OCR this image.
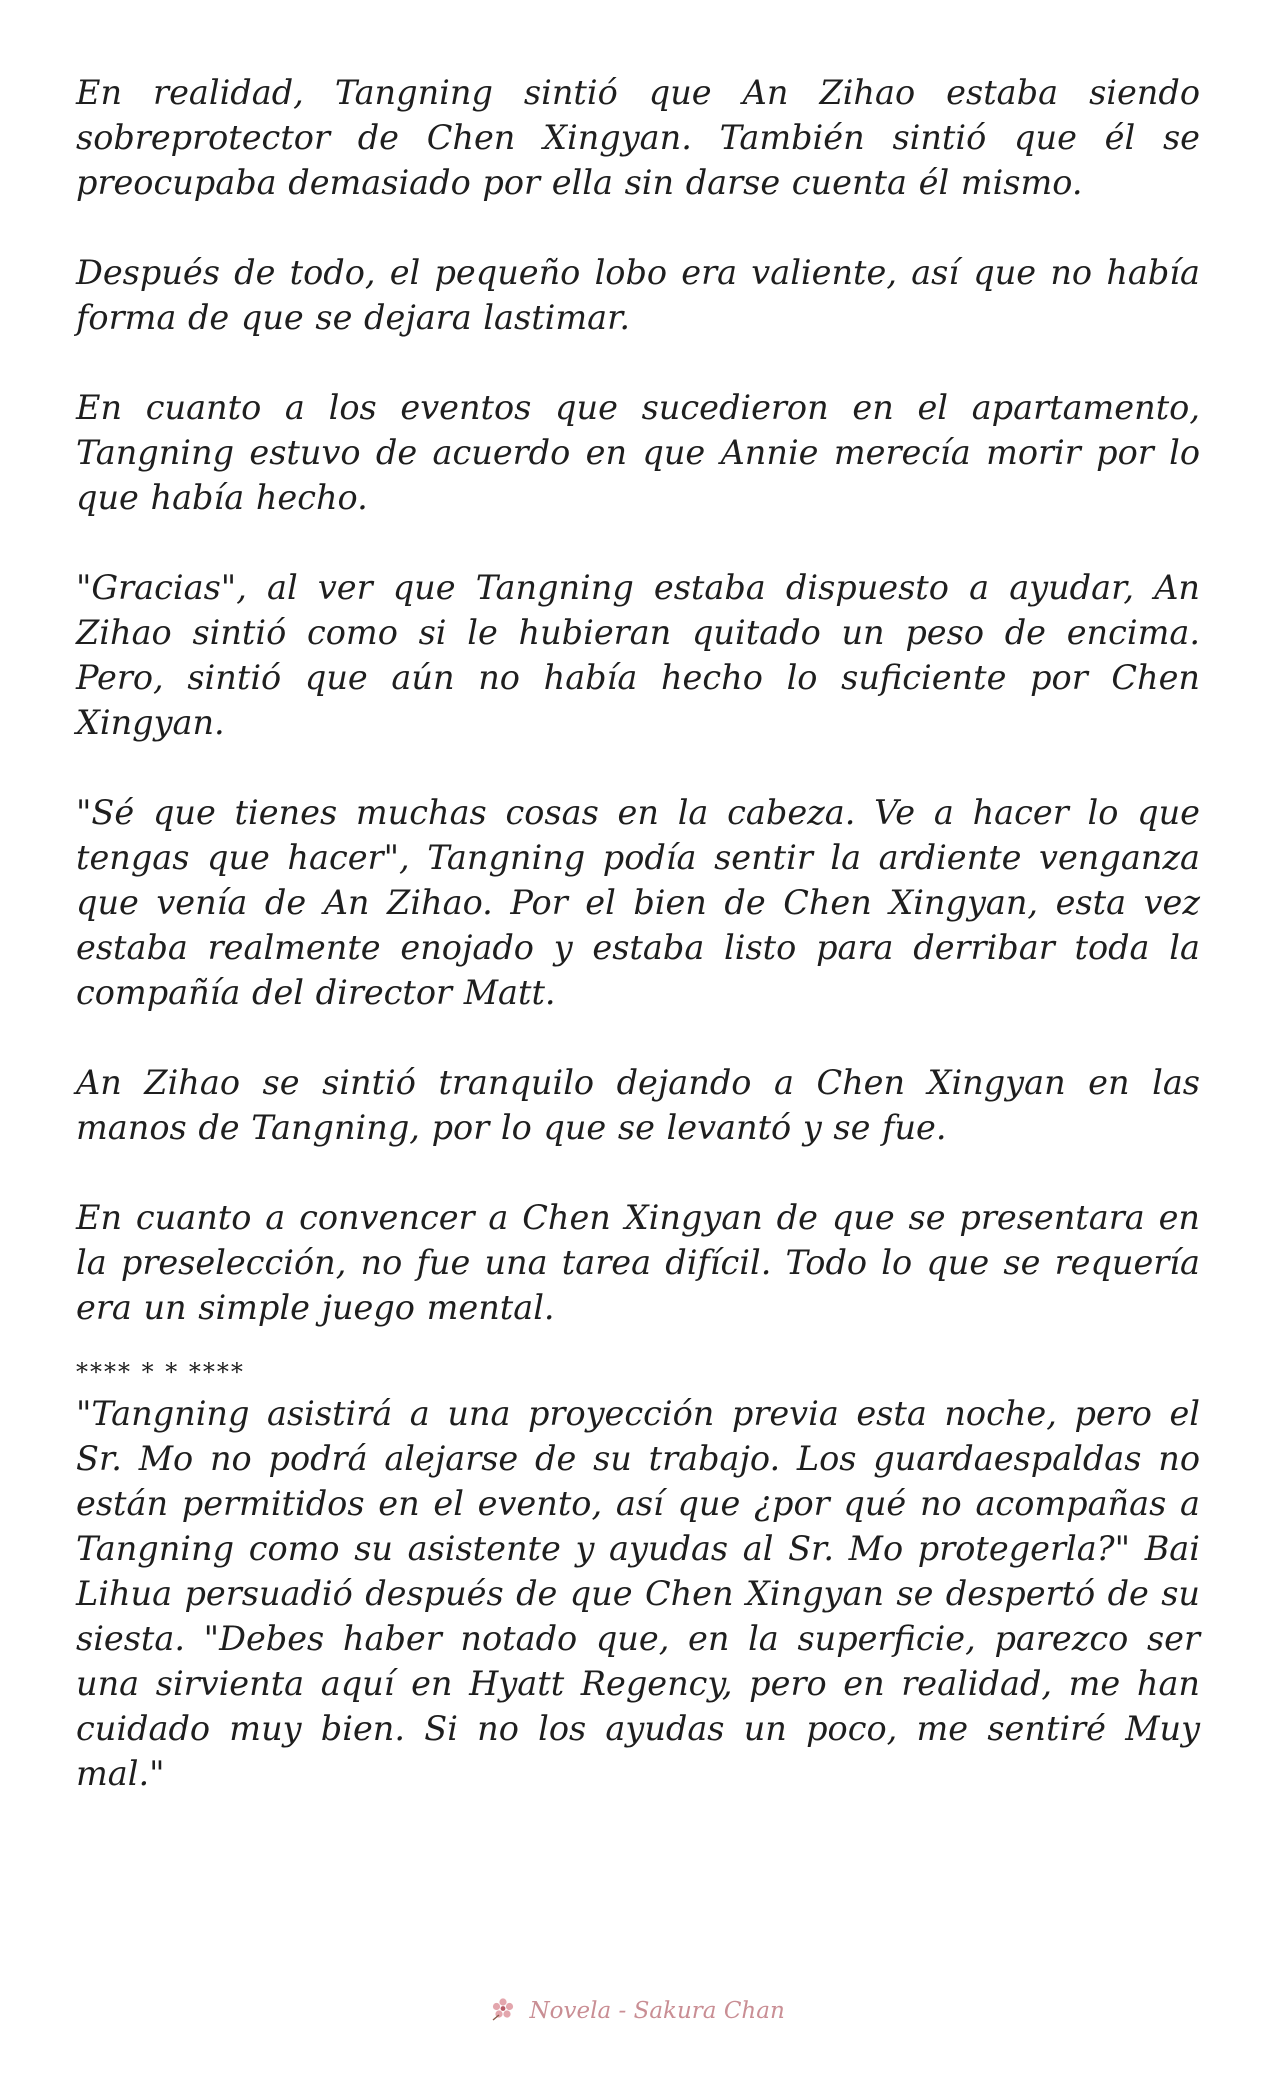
En realidad, Tangning sintió que An Zihao estaba siendo sobreprotector de Chen Xingyan. También sintió que él se preocupaba demasiado por ella sin darse cuenta él mismo.

Después de todo, el pequeño lobo era valiente, así que no había forma de que se dejara lastimar.

En cuanto a los eventos que sucedieron en el apartamento, Tangning estuvo de acuerdo en que Annie merecía morir por lo que había hecho.

"Gracias", al ver que Tangning estaba dispuesto a ayudar, An Zihao sintió como si le hubieran quitado un peso de encima. Pero, sintió que aún no había hecho lo suficiente por Chen Xingyan.

"Sé que tienes muchas cosas en la cabeza. Ve a hacer lo que tengas que hacer", Tangning podía sentir la ardiente venganza que venía de An Zihao. Por el bien de Chen Xingyan, esta vez estaba realmente enojado y estaba listo para derribar toda la compañía del director Matt.

An Zihao se sintió tranquilo dejando a Chen Xingyan en las manos de Tangning, por lo que se levantó y se fue.

En cuanto a convencer a Chen Xingyan de que se presentara en la preselección, no fue una tarea difícil. Todo lo que se requería era un simple juego mental.

**** * * ****

"Tangning asistirá a una proyección previa esta noche, pero el Sr. Mo no podrá alejarse de su trabajo. Los guardaespaldas no están permitidos en el evento, así que ¿por qué no acompañas a Tangning como su asistente y ayudas al Sr. Mo protegerla?" Bai Lihua persuadió después de que Chen Xingyan se despertó de su siesta. "Debes haber notado que, en la superficie, parezco ser una sirvienta aquí en Hyatt Regency, pero en realidad, me han cuidado muy bien. Si no los ayudas un poco, me sentiré Muy mal."

Novela - Sakura Chan
